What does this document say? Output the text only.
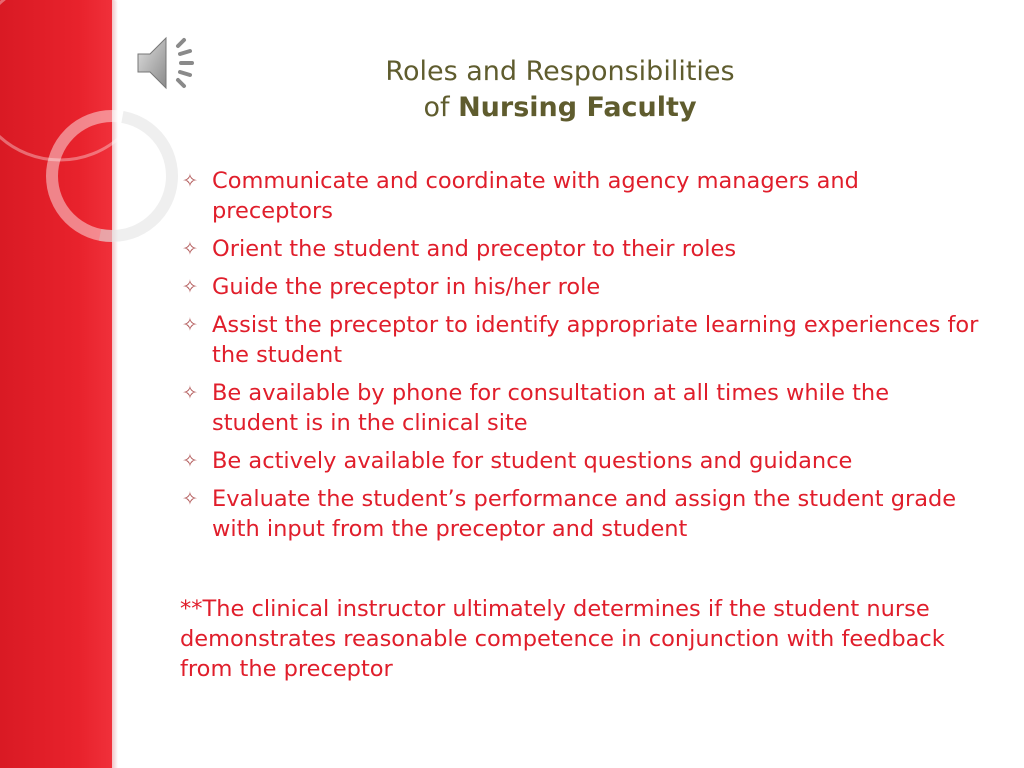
Roles and Responsibilities
of Nursing Faculty
✧ Communicate and coordinate with agency managers and preceptors
✧ Orient the student and preceptor to their roles
✧ Guide the preceptor in his/her role
✧ Assist the preceptor to identify appropriate learning experiences for the student
✧ Be available by phone for consultation at all times while the student is in the clinical site
✧ Be actively available for student questions and guidance
✧ Evaluate the student’s performance and assign the student grade with input from the preceptor and student

**The clinical instructor ultimately determines if the student nurse demonstrates reasonable competence in conjunction with feedback from the preceptor
